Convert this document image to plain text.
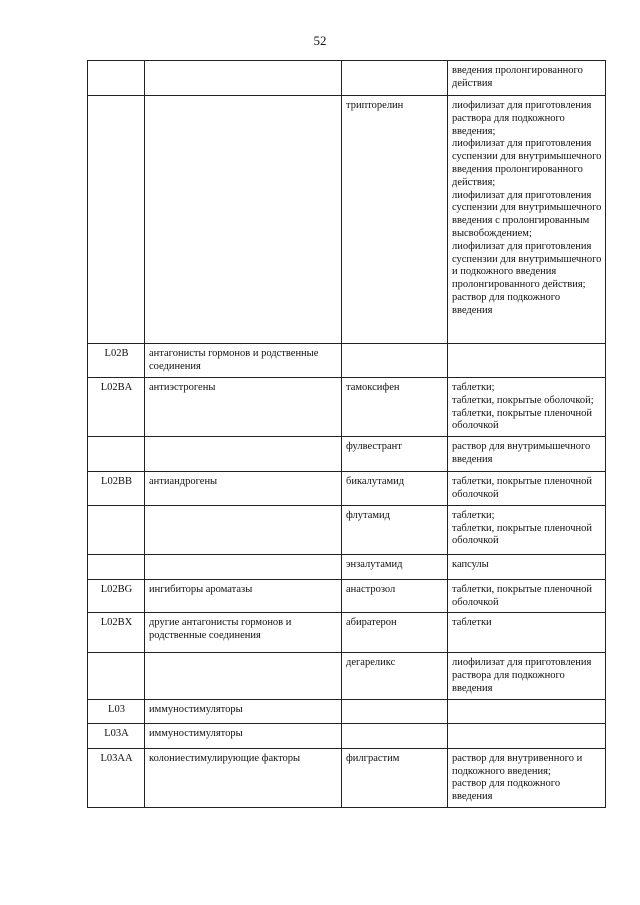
52

			введения пролонгированного действия

		трипторелин	лиофилизат для приготовления раствора для подкожного введения;
лиофилизат для приготовления суспензии для внутримышечного введения пролонгированного действия;
лиофилизат для приготовления суспензии для внутримышечного введения с пролонгированным высвобождением;
лиофилизат для приготовления суспензии для внутримышечного и подкожного введения пролонгированного действия;
раствор для подкожного введения

L02B	антагонисты гормонов и родственные соединения		
L02BA	антиэстрогены	тамоксифен	таблетки;
таблетки, покрытые оболочкой;
таблетки, покрытые пленочной оболочкой

		фулвестрант	раствор для внутримышечного введения

L02BB	антиандрогены	бикалутамид	таблетки, покрытые пленочной оболочкой

		флутамид	таблетки;
таблетки, покрытые пленочной оболочкой

		энзалутамид	капсулы

L02BG	ингибиторы ароматазы	анастрозол	таблетки, покрытые пленочной оболочкой

L02BX	другие антагонисты гормонов и родственные соединения	абиратерон	таблетки

		дегареликс	лиофилизат для приготовления раствора для подкожного введения

L03	иммуностимуляторы		
L03A	иммуностимуляторы		
L03AA	колониестимулирующие факторы	филграстим	раствор для внутривенного и подкожного введения;
раствор для подкожного введения
